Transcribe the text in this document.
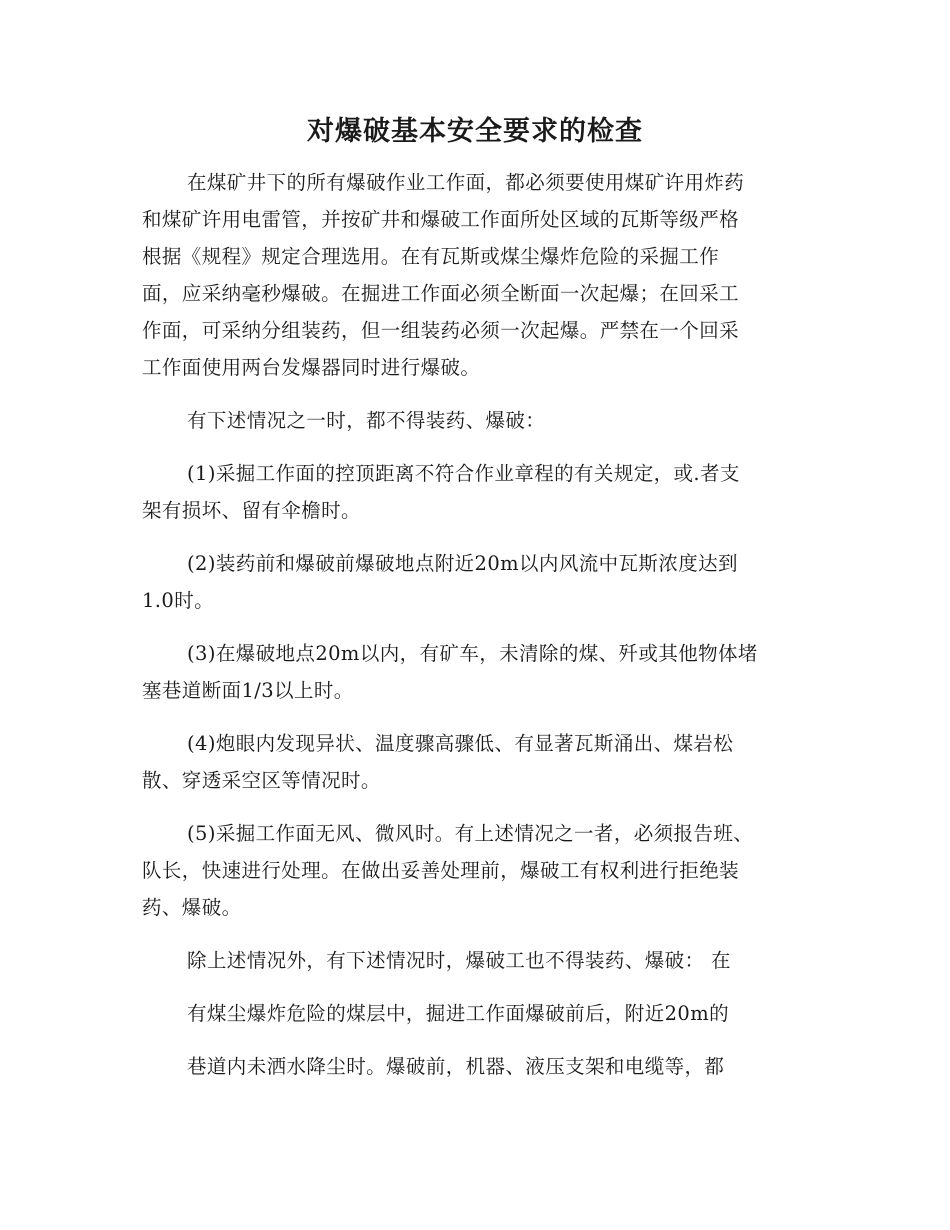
对爆破基本安全要求的检查
在煤矿井下的所有爆破作业工作面，都必须要使用煤矿许用炸药
和煤矿许用电雷管，并按矿井和爆破工作面所处区域的瓦斯等级严格
根据《规程》规定合理选用。在有瓦斯或煤尘爆炸危险的采掘工作
面，应采纳毫秒爆破。在掘进工作面必须全断面一次起爆；在回采工
作面，可采纳分组装药，但一组装药必须一次起爆。严禁在一个回采
工作面使用两台发爆器同时进行爆破。
有下述情况之一时，都不得装药、爆破：
(1)采掘工作面的控顶距离不符合作业章程的有关规定，或.者支
架有损坏、留有伞檐时。
(2)装药前和爆破前爆破地点附近20m以内风流中瓦斯浓度达到
1.0时。
(3)在爆破地点20m以内，有矿车，未清除的煤、歼或其他物体堵
塞巷道断面1/3以上时。
(4)炮眼内发现异状、温度骤高骤低、有显著瓦斯涌出、煤岩松
散、穿透采空区等情况时。
(5)采掘工作面无风、微风时。有上述情况之一者，必须报告班、
队长，快速进行处理。在做出妥善处理前，爆破工有权利进行拒绝装
药、爆破。
除上述情况外，有下述情况时，爆破工也不得装药、爆破： 在
有煤尘爆炸危险的煤层中，掘进工作面爆破前后，附近20m的
巷道内未洒水降尘时。爆破前，机器、液压支架和电缆等，都
